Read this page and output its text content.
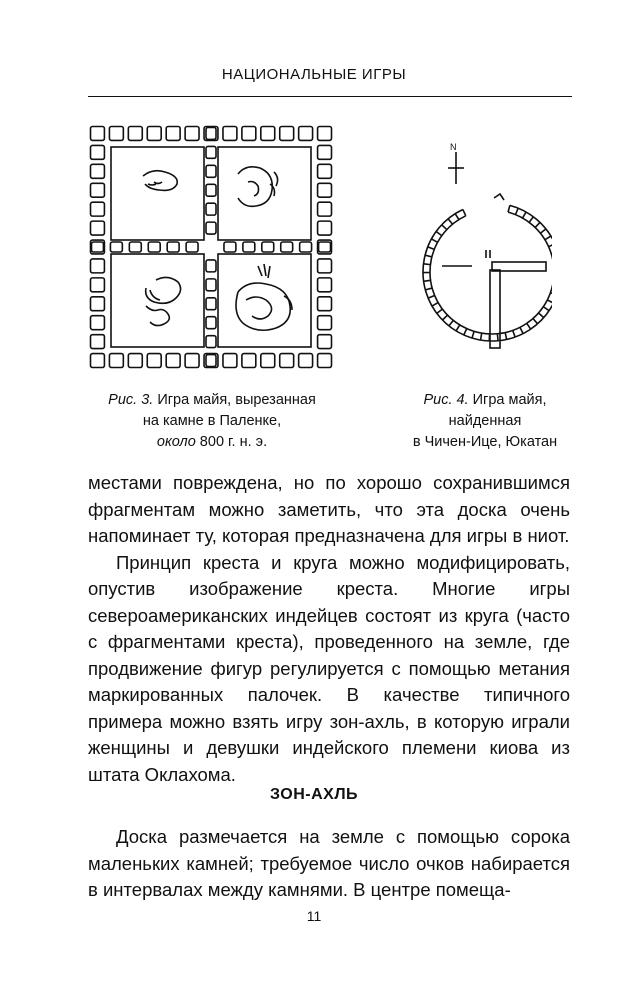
НАЦИОНАЛЬНЫЕ ИГРЫ
N
Рис. 3. Игра майя, вырезанная
на камне в Паленке,
около 800 г. н. э.
Рис. 4. Игра майя,
найденная
в Чичен-Ице, Юкатан

местами повреждена, но по хорошо сохранившимся фрагментам можно заметить, что эта доска очень напоминает ту, которая предназначена для игры в ниот.

Принцип креста и круга можно модифицировать, опустив изображение креста. Многие игры североамериканских индейцев состоят из круга (часто с фрагментами креста), проведенного на земле, где продвижение фигур регулируется с помощью метания маркированных палочек. В качестве типичного примера можно взять игру зон-ахль, в которую играли женщины и девушки индейского племени киова из штата Оклахома.

ЗОН-АХЛЬ

Доска размечается на земле с помощью сорока маленьких камней; требуемое число очков набирается в интервалах между камнями. В центре помеща-

11
